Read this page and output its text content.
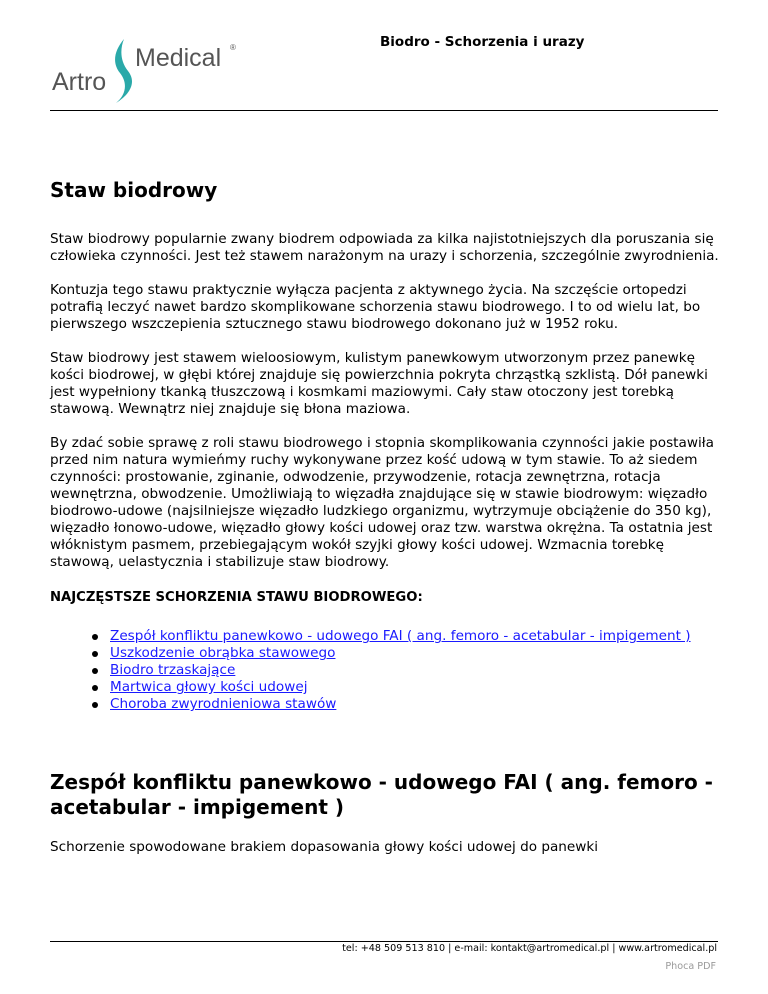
Medical ®
Artro
Biodro - Schorzenia i urazy
Staw biodrowy

Staw biodrowy popularnie zwany biodrem odpowiada za kilka najistotniejszych dla poruszania się człowieka czynności. Jest też stawem narażonym na urazy i schorzenia, szczególnie zwyrodnienia.

Kontuzja tego stawu praktycznie wyłącza pacjenta z aktywnego życia. Na szczęście ortopedzi potrafią leczyć nawet bardzo skomplikowane schorzenia stawu biodrowego. I to od wielu lat, bo pierwszego wszczepienia sztucznego stawu biodrowego dokonano już w 1952 roku.

Staw biodrowy jest stawem wieloosiowym, kulistym panewkowym utworzonym przez panewkę kości biodrowej, w głębi której znajduje się powierzchnia pokryta chrząstką szklistą. Dół panewki jest wypełniony tkanką tłuszczową i kosmkami maziowymi. Cały staw otoczony jest torebką stawową. Wewnątrz niej znajduje się błona maziowa.

By zdać sobie sprawę z roli stawu biodrowego i stopnia skomplikowania czynności jakie postawiła przed nim natura wymieńmy ruchy wykonywane przez kość udową w tym stawie. To aż siedem czynności: prostowanie, zginanie, odwodzenie, przywodzenie, rotacja zewnętrzna, rotacja wewnętrzna, obwodzenie. Umożliwiają to więzadła znajdujące się w stawie biodrowym: więzadło biodrowo-udowe (najsilniejsze więzadło ludzkiego organizmu, wytrzymuje obciążenie do 350 kg), więzadło łonowo-udowe, więzadło głowy kości udowej oraz tzw. warstwa okrężna. Ta ostatnia jest włóknistym pasmem, przebiegającym wokół szyjki głowy kości udowej. Wzmacnia torebkę stawową, uelastycznia i stabilizuje staw biodrowy.

NAJCZĘSTSZE SCHORZENIA STAWU BIODROWEGO:
Zespół konfliktu panewkowo - udowego FAI ( ang. femoro - acetabular - impigement )
Uszkodzenie obrąbka stawowego
Biodro trzaskające
Martwica głowy kości udowej
Choroba zwyrodnieniowa stawów
Zespół konfliktu panewkowo - udowego FAI ( ang. femoro - acetabular - impigement )

Schorzenie spowodowane brakiem dopasowania głowy kości udowej do panewki

tel: +48 509 513 810 | e-mail: kontakt@artromedical.pl | www.artromedical.pl
Phoca PDF
